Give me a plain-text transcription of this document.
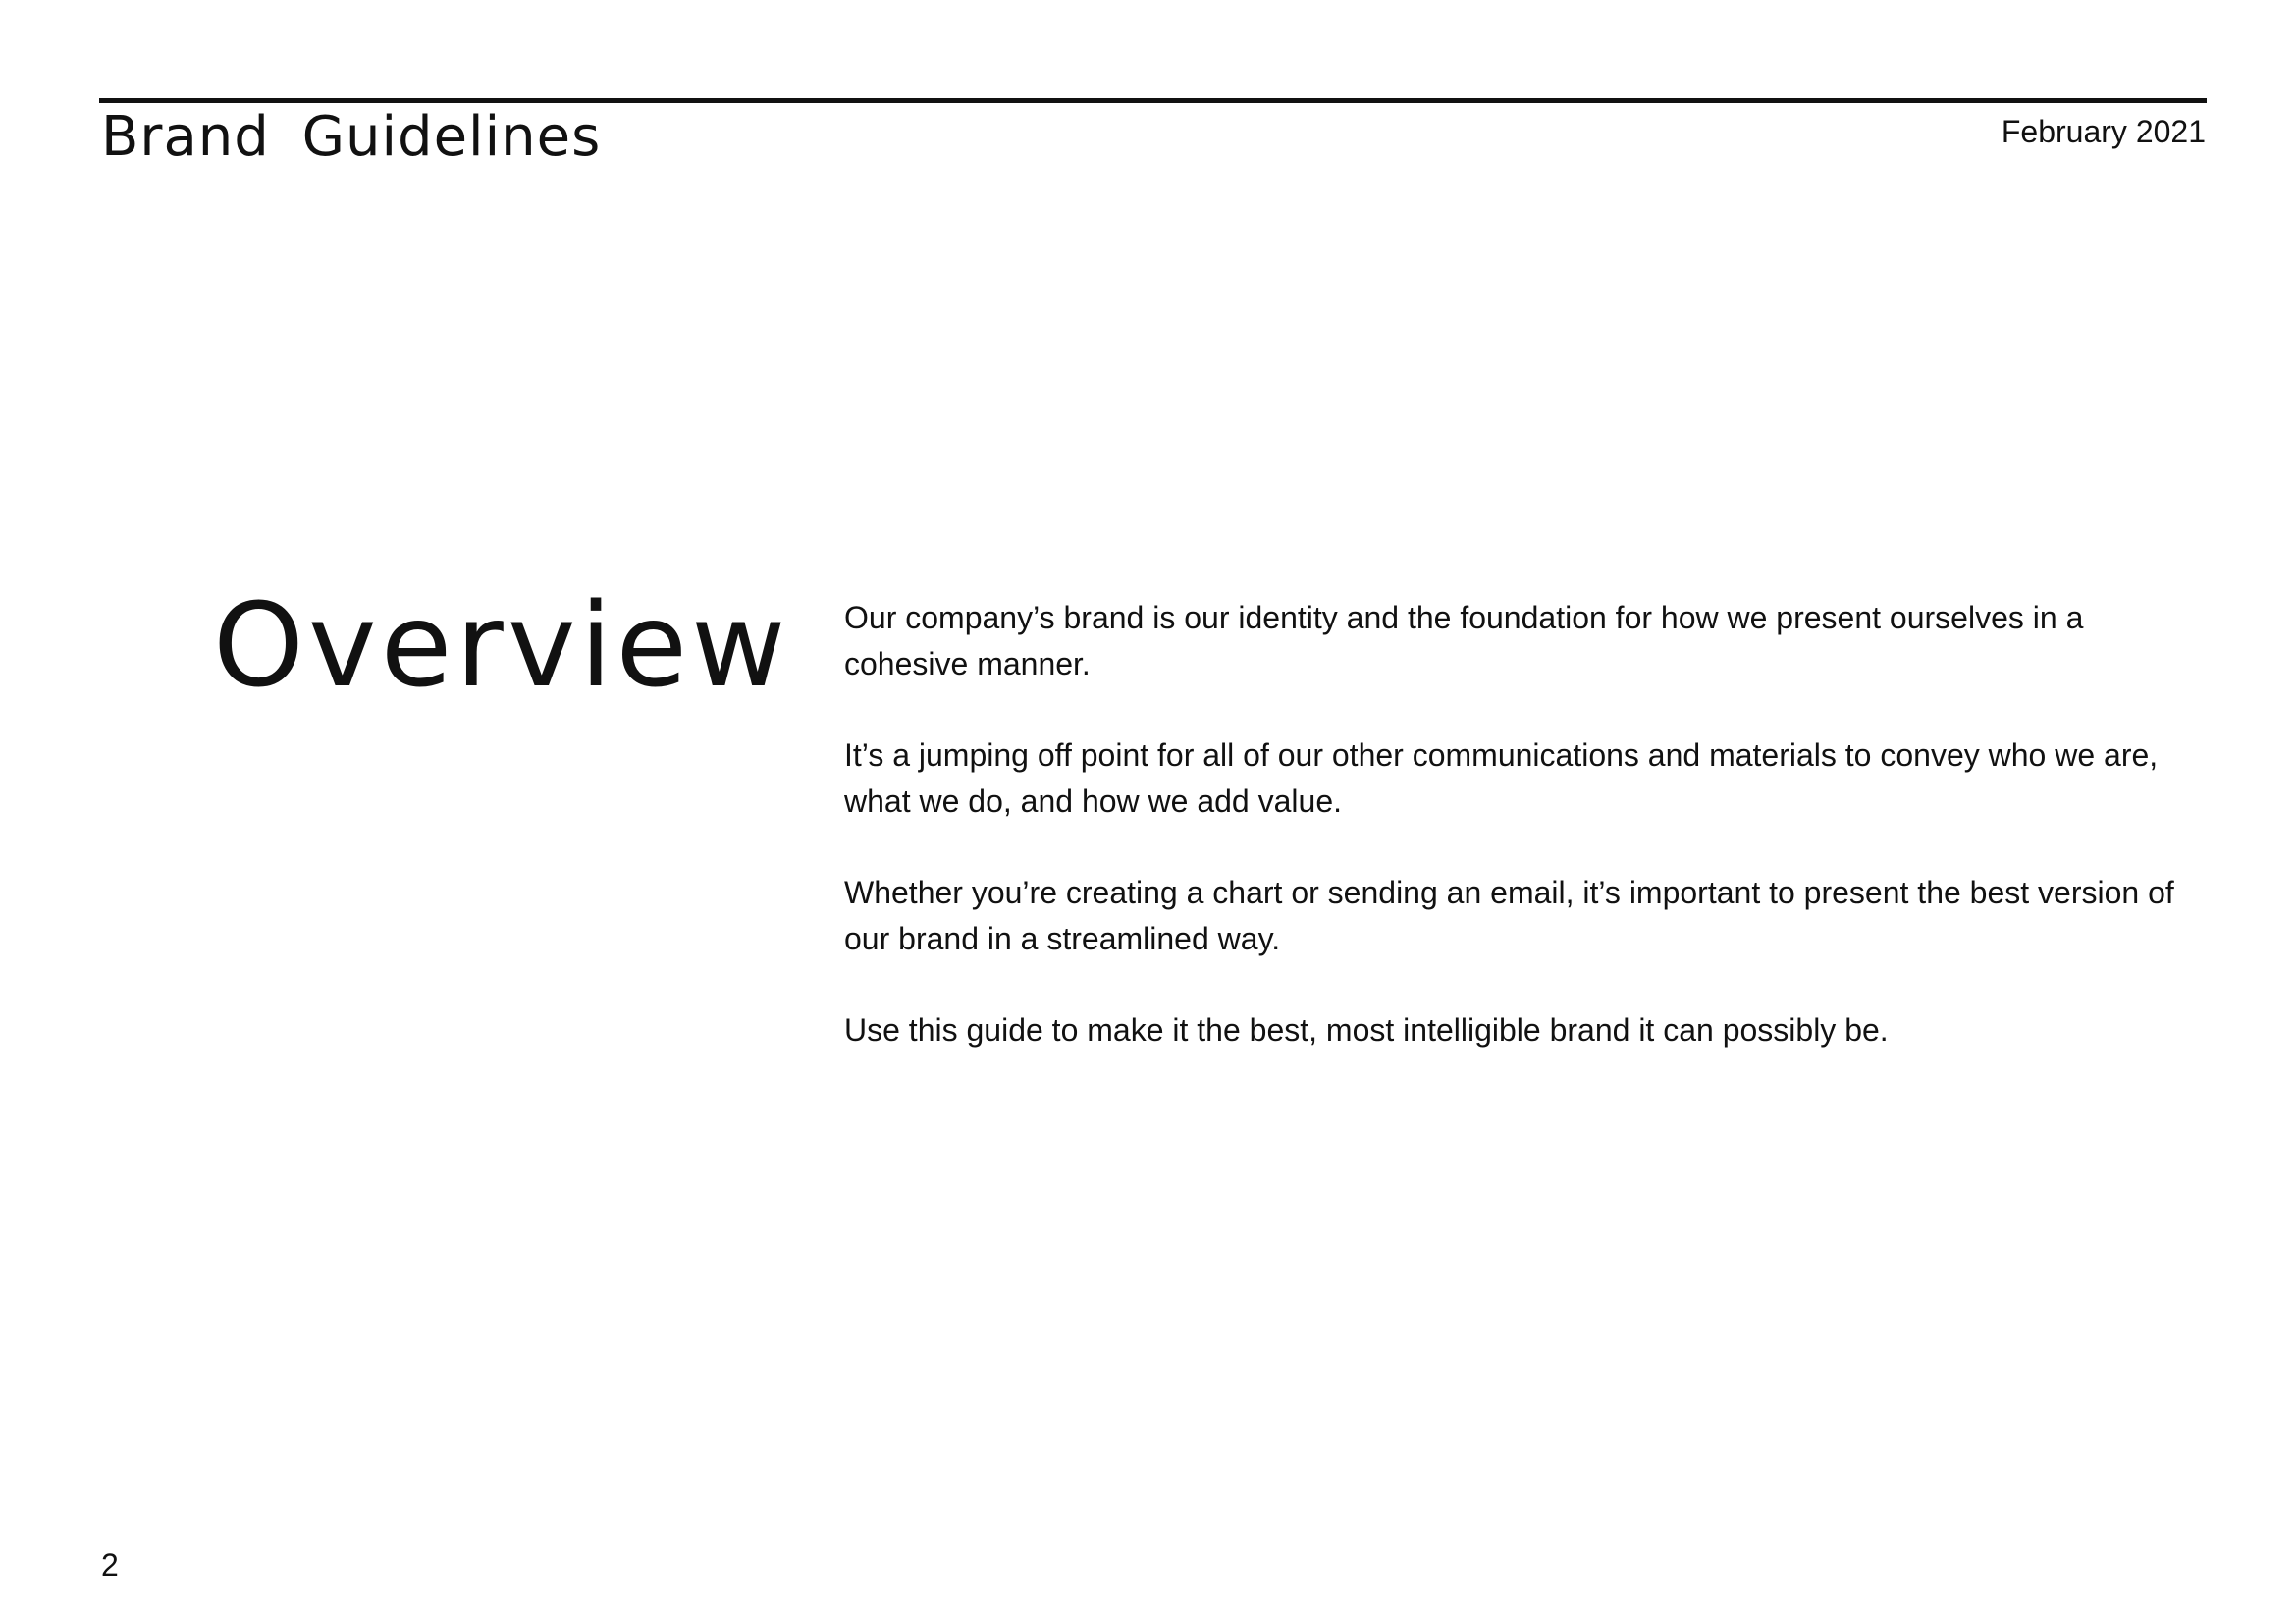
Brand Guidelines	February 2021
Overview Our company’s brand is our identity and the foundation for how we present ourselves in a cohesive manner.

It’s a jumping off point for all of our other communications and materials to convey who we are, what we do, and how we add value.

Whether you’re creating a chart or sending an email, it’s important to present the best version of our brand in a streamlined way.

Use this guide to make it the best, most intelligible brand it can possibly be.

2
